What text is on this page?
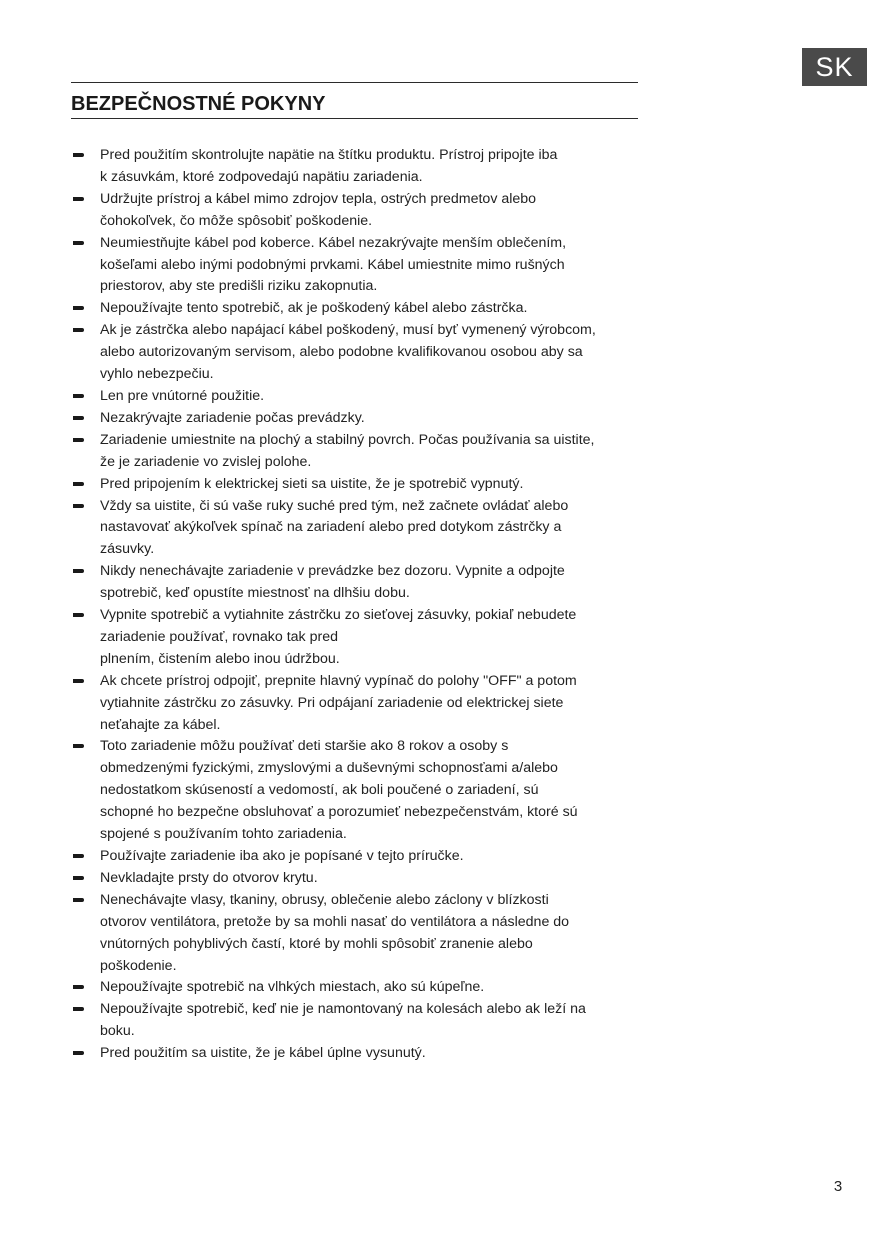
SK
BEZPEČNOSTNÉ POKYNY
Pred použitím skontrolujte napätie na štítku produktu. Prístroj pripojte iba
k zásuvkám, ktoré zodpovedajú napätiu zariadenia.
Udržujte prístroj a kábel mimo zdrojov tepla, ostrých predmetov alebo
čohokoľvek, čo môže spôsobiť poškodenie.
Neumiestňujte kábel pod koberce. Kábel nezakrývajte menším oblečením,
košeľami alebo inými podobnými prvkami. Kábel umiestnite mimo rušných
priestorov, aby ste predišli riziku zakopnutia.
Nepoužívajte tento spotrebič, ak je poškodený kábel alebo zástrčka.
Ak je zástrčka alebo napájací kábel poškodený, musí byť vymenený výrobcom,
alebo autorizovaným servisom, alebo podobne kvalifikovanou osobou aby sa
vyhlo nebezpečiu.
Len pre vnútorné použitie.
Nezakrývajte zariadenie počas prevádzky.
Zariadenie umiestnite na plochý a stabilný povrch. Počas používania sa uistite,
že je zariadenie vo zvislej polohe.
Pred pripojením k elektrickej sieti sa uistite, že je spotrebič vypnutý.
Vždy sa uistite, či sú vaše ruky suché pred tým, než začnete ovládať alebo
nastavovať akýkoľvek spínač na zariadení alebo pred dotykom zástrčky a
zásuvky.
Nikdy nenechávajte zariadenie v prevádzke bez dozoru. Vypnite a odpojte
spotrebič, keď opustíte miestnosť na dlhšiu dobu.
Vypnite spotrebič a vytiahnite zástrčku zo sieťovej zásuvky, pokiaľ nebudete
zariadenie používať, rovnako tak pred
plnením, čistením alebo inou údržbou.
Ak chcete prístroj odpojiť, prepnite hlavný vypínač do polohy "OFF" a potom
vytiahnite zástrčku zo zásuvky. Pri odpájaní zariadenie od elektrickej siete
neťahajte za kábel.
Toto zariadenie môžu používať deti staršie ako 8 rokov a osoby s
obmedzenými fyzickými, zmyslovými a duševnými schopnosťami a/alebo
nedostatkom skúseností a vedomostí, ak boli poučené o zariadení, sú
schopné ho bezpečne obsluhovať a porozumieť nebezpečenstvám, ktoré sú
spojené s používaním tohto zariadenia.
Používajte zariadenie iba ako je popísané v tejto príručke.
Nevkladajte prsty do otvorov krytu.
Nenechávajte vlasy, tkaniny, obrusy, oblečenie alebo záclony v blízkosti
otvorov ventilátora, pretože by sa mohli nasať do ventilátora a následne do
vnútorných pohyblivých častí, ktoré by mohli spôsobiť zranenie alebo
poškodenie.
Nepoužívajte spotrebič na vlhkých miestach, ako sú kúpeľne.
Nepoužívajte spotrebič, keď nie je namontovaný na kolesách alebo ak leží na
boku.
Pred použitím sa uistite, že je kábel úplne vysunutý.
3
